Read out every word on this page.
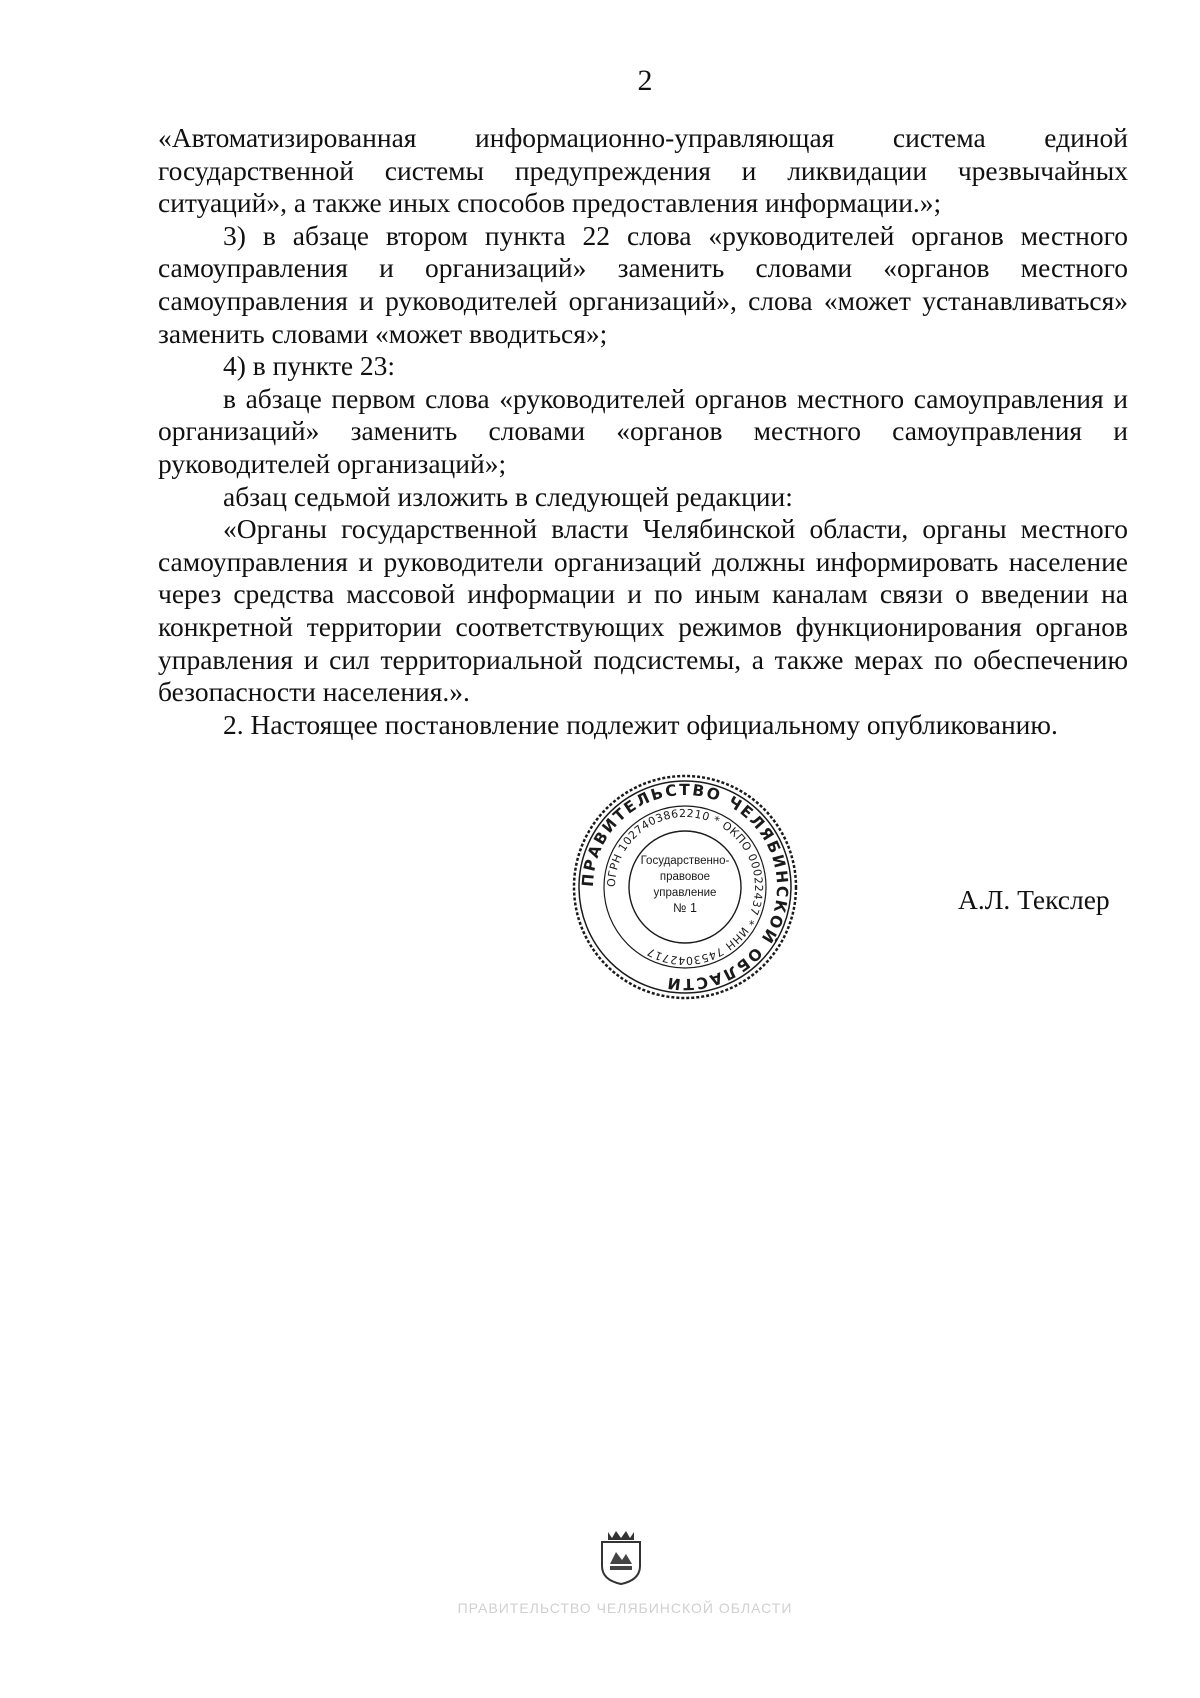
2

«Автоматизированная информационно-управляющая система единой государственной системы предупреждения и ликвидации чрезвычайных ситуаций», а также иных способов предоставления информации.»;

3) в абзаце втором пункта 22 слова «руководителей органов местного самоуправления и организаций» заменить словами «органов местного самоуправления и руководителей организаций», слова «может устанавливаться» заменить словами «может вводиться»;

4) в пункте 23:

в абзаце первом слова «руководителей органов местного самоуправления и организаций» заменить словами «органов местного самоуправления и руководителей организаций»;

абзац седьмой изложить в следующей редакции:

«Органы государственной власти Челябинской области, органы местного самоуправления и руководители организаций должны информировать население через средства массовой информации и по иным каналам связи о введении на конкретной территории соответствующих режимов функционирования органов управления и сил территориальной подсистемы, а также мерах по обеспечению безопасности населения.».

2. Настоящее постановление подлежит официальному опубликованию.

ПРАВИТЕЛЬСТВО ЧЕЛЯБИНСКОЙ ОБЛАСТИ
ОГРН 1027403862210 * ОКПО 00022437 * ИНН 7453042717
Государственно-
правовое
управление
№ 1	А.Л. Текслер
ПРАВИТЕЛЬСТВО ЧЕЛЯБИНСКОЙ ОБЛАСТИ
